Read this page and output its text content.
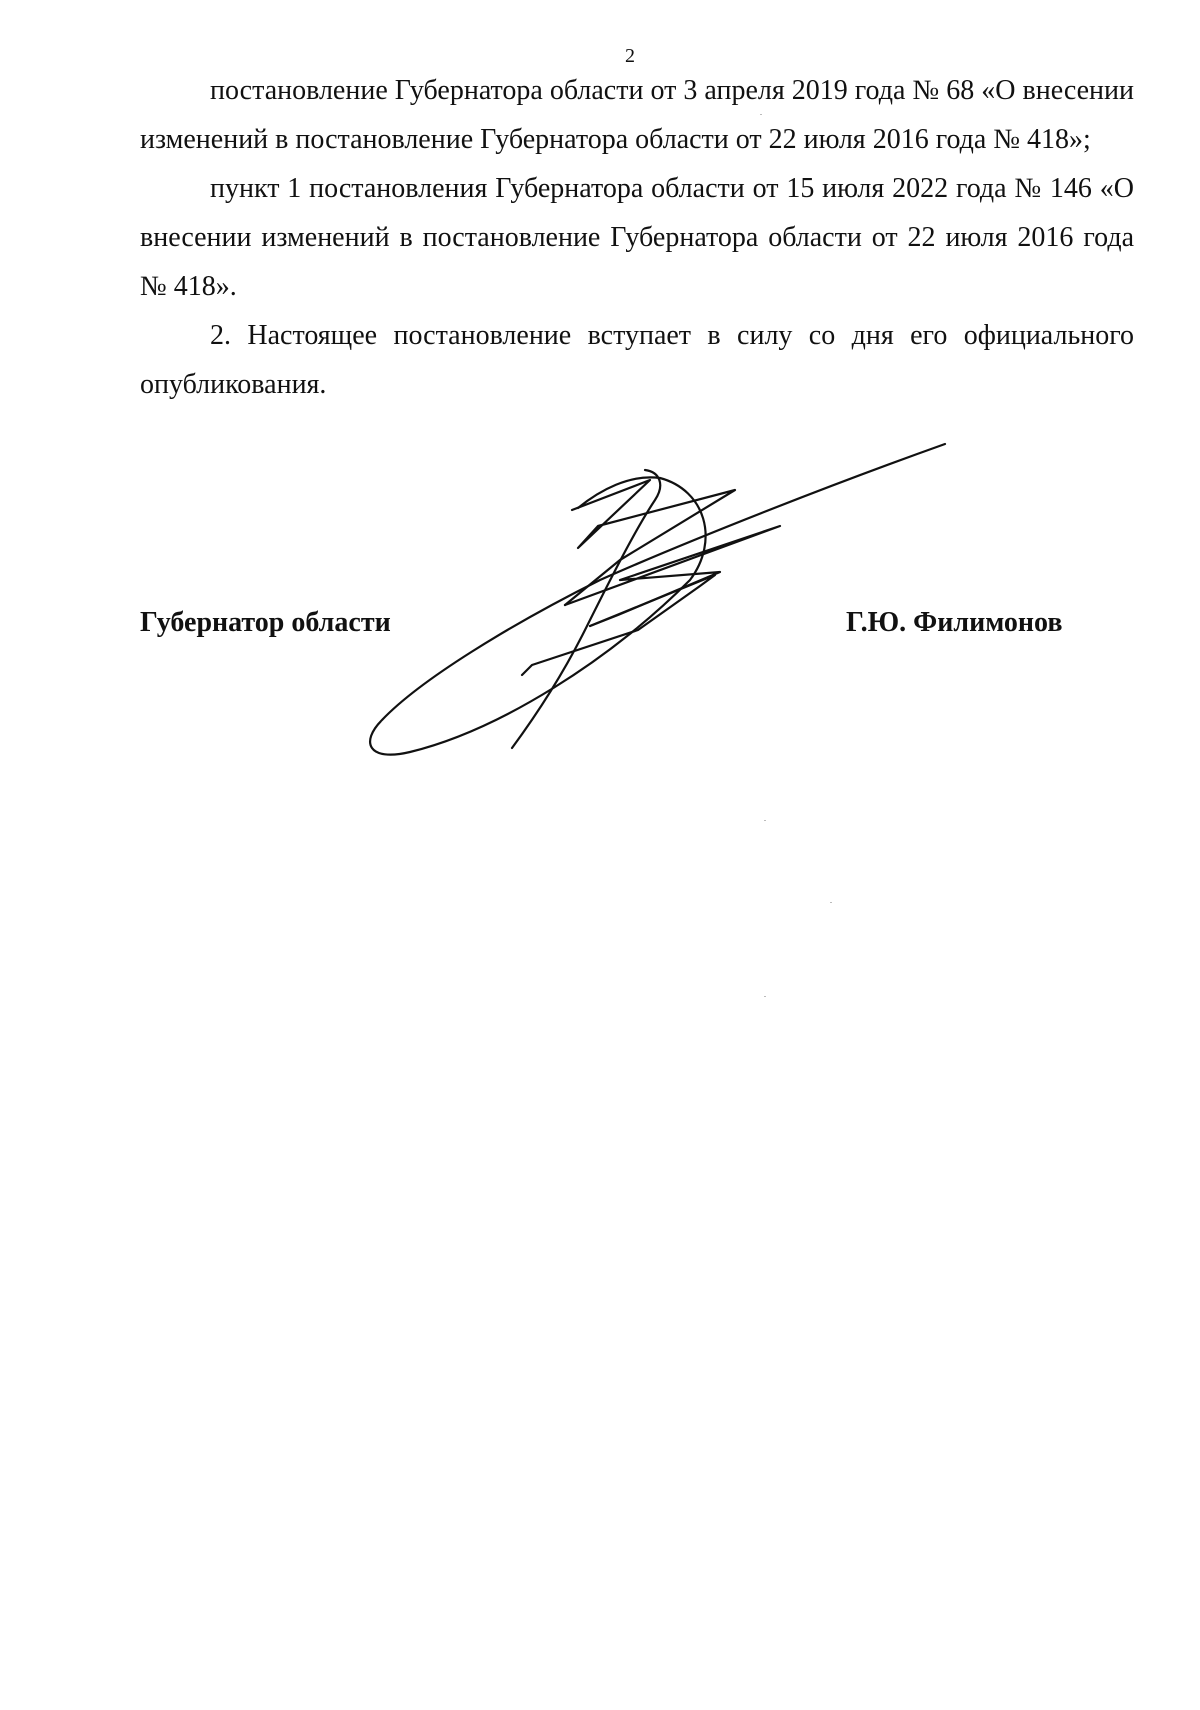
2

постановление Губернатора области от 3 апреля 2019 года № 68 «О внесении изменений в постановление Губернатора области от 22 июля 2016 года № 418»;

пункт 1 постановления Губернатора области от 15 июля 2022 года № 146 «О внесении изменений в постановление Губернатора области от 22 июля 2016 года № 418».

2. Настоящее постановление вступает в силу со дня его официального опубликования.

Губернатор области	Г.Ю. Филимонов
